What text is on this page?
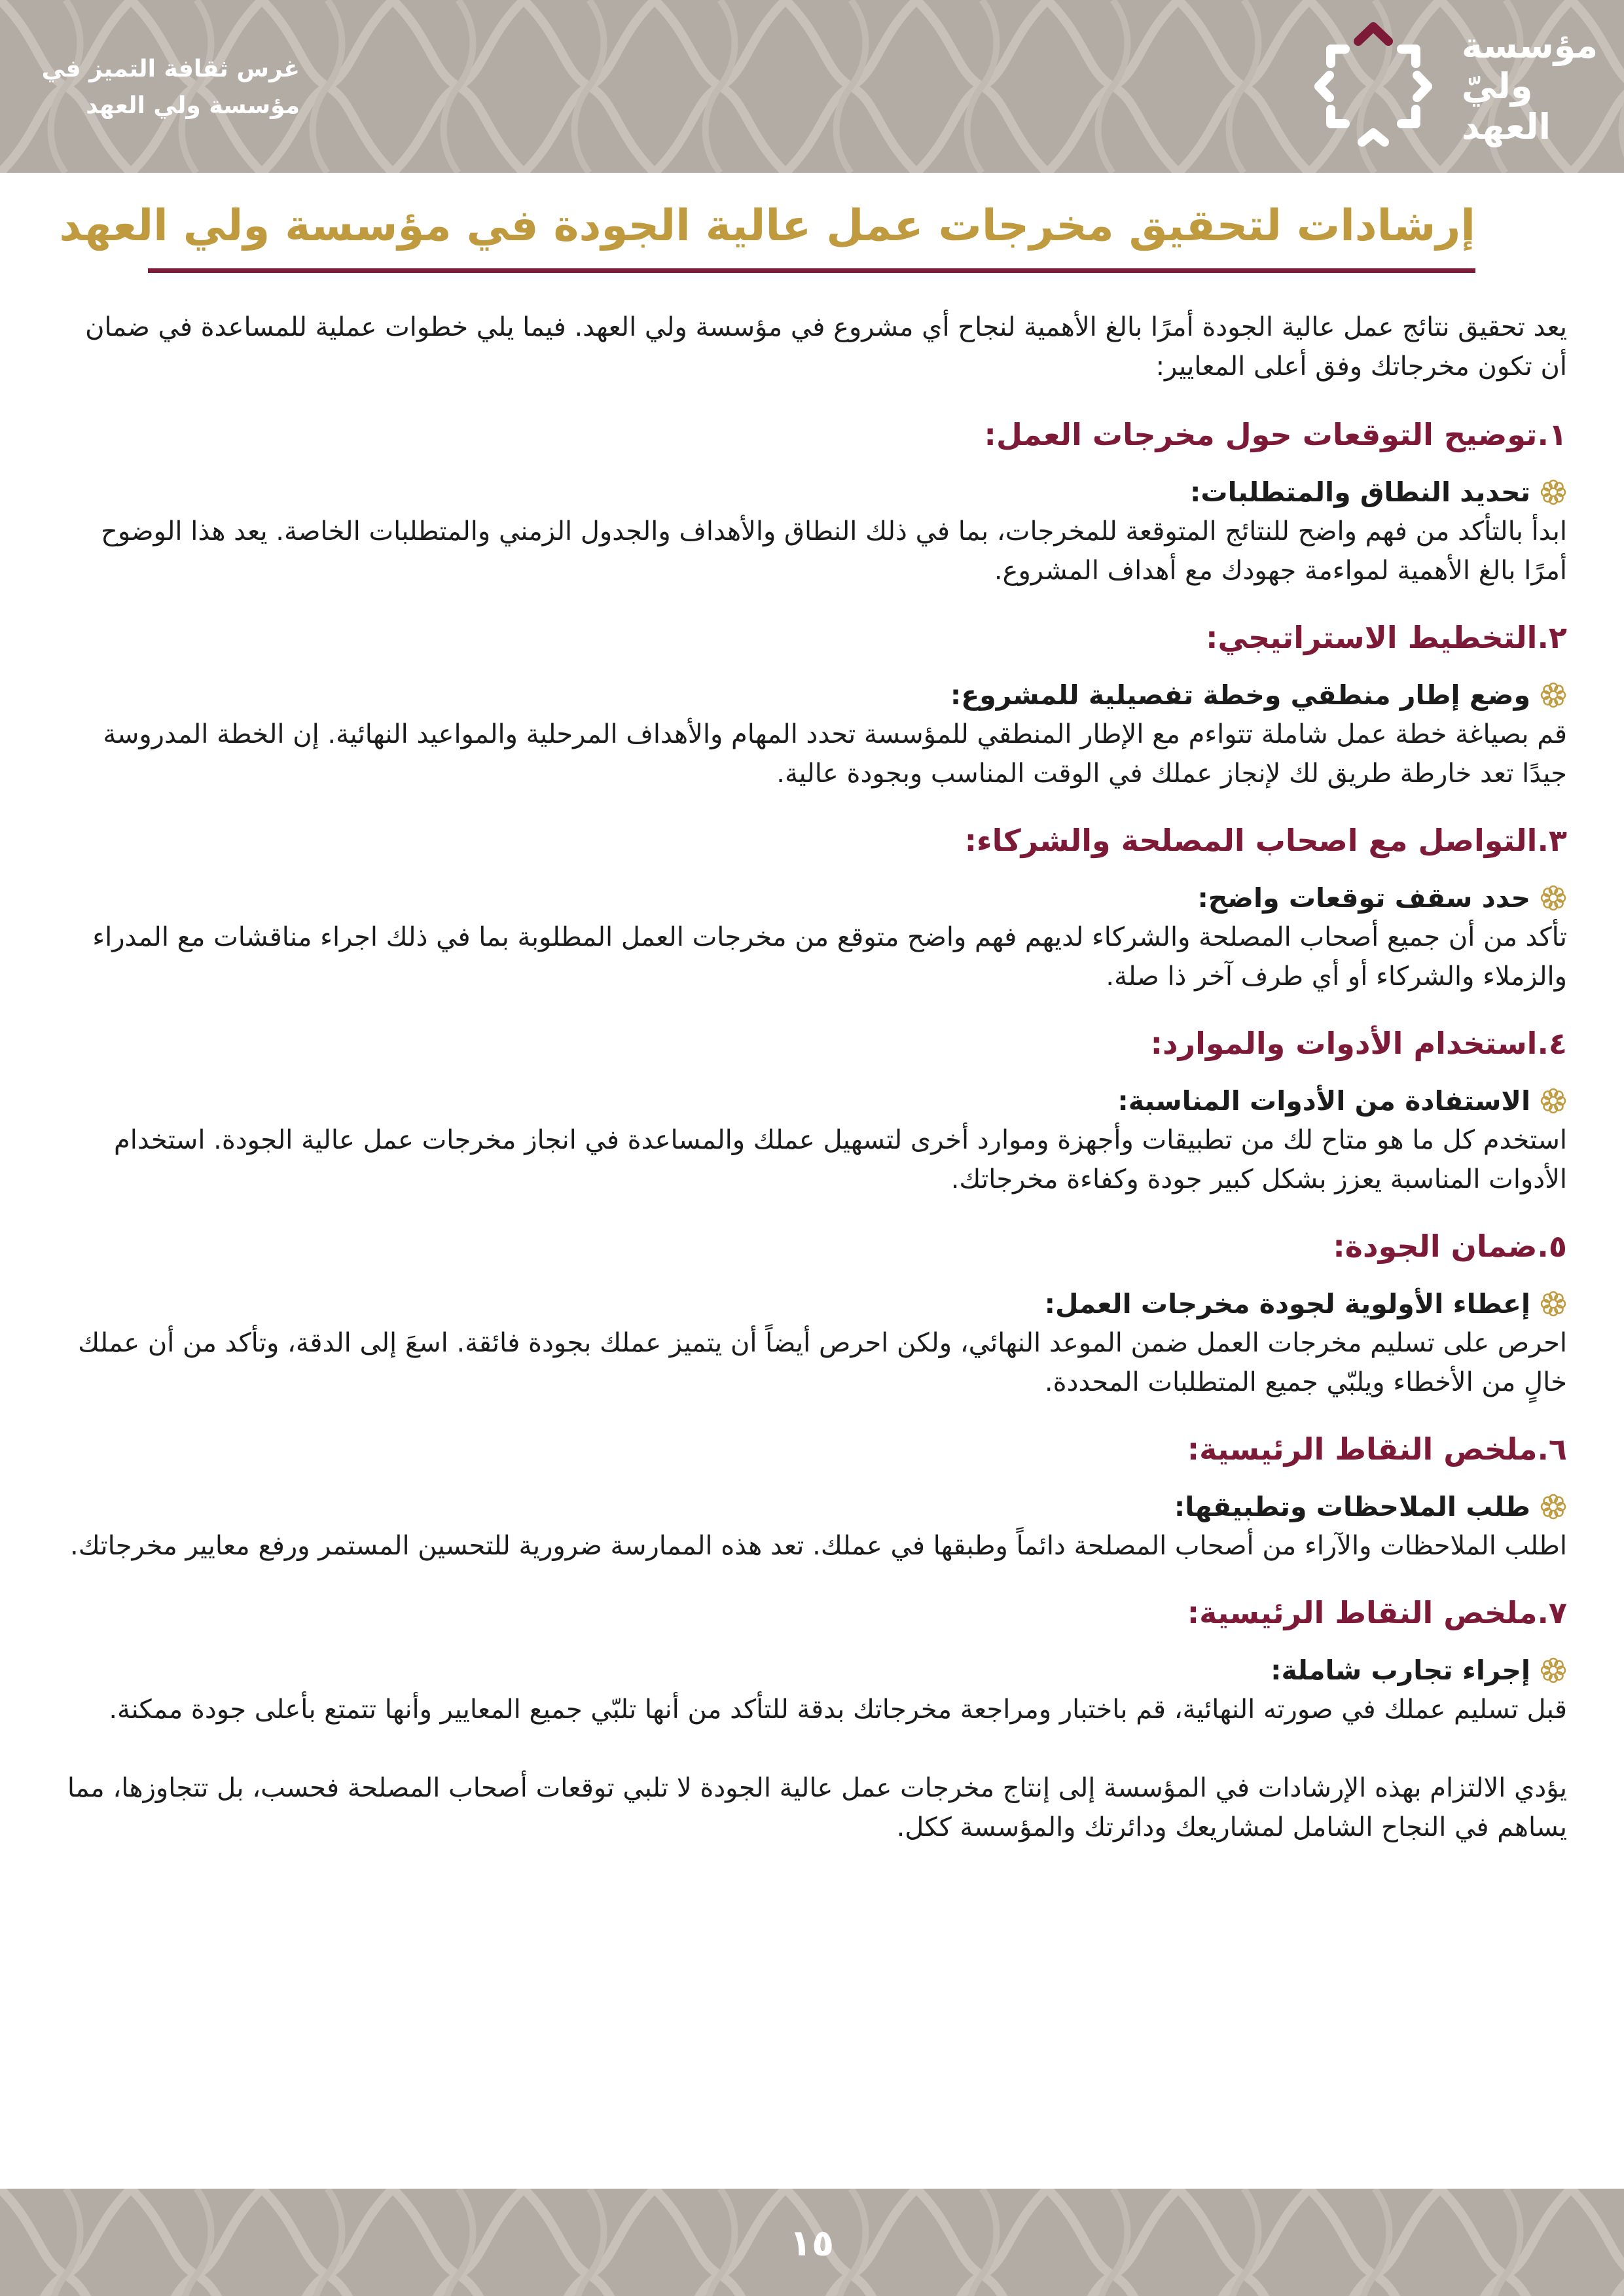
مؤسسة
وليّ
العهد
غرس ثقافة التميز في
مؤسسة ولي العهد
إرشادات لتحقيق مخرجات عمل عالية الجودة في مؤسسة ولي العهد

يعد تحقيق نتائج عمل عالية الجودة أمرًا بالغ الأهمية لنجاح أي مشروع في مؤسسة ولي العهد. فيما يلي خطوات عملية للمساعدة في ضمان أن تكون مخرجاتك وفق أعلى المعايير:

١.توضيح التوقعات حول مخرجات العمل:
تحديد النطاق والمتطلبات:

ابدأ بالتأكد من فهم واضح للنتائج المتوقعة للمخرجات، بما في ذلك النطاق والأهداف والجدول الزمني والمتطلبات الخاصة. يعد هذا الوضوح أمرًا بالغ الأهمية لمواءمة جهودك مع أهداف المشروع.

٢.التخطيط الاستراتيجي:
وضع إطار منطقي وخطة تفصيلية للمشروع:

قم بصياغة خطة عمل شاملة تتواءم مع الإطار المنطقي للمؤسسة تحدد المهام والأهداف المرحلية والمواعيد النهائية. إن الخطة المدروسة جيدًا تعد خارطة طريق لك لإنجاز عملك في الوقت المناسب وبجودة عالية.

٣.التواصل مع اصحاب المصلحة والشركاء:
حدد سقف توقعات واضح:

تأكد من أن جميع أصحاب المصلحة والشركاء لديهم فهم واضح متوقع من مخرجات العمل المطلوبة بما في ذلك اجراء مناقشات مع المدراء والزملاء والشركاء أو أي طرف آخر ذا صلة.

٤.استخدام الأدوات والموارد:
الاستفادة من الأدوات المناسبة:

استخدم كل ما هو متاح لك من تطبيقات وأجهزة وموارد أخرى لتسهيل عملك والمساعدة في انجاز مخرجات عمل عالية الجودة. استخدام الأدوات المناسبة يعزز بشكل كبير جودة وكفاءة مخرجاتك.

٥.ضمان الجودة:
إعطاء الأولوية لجودة مخرجات العمل:

احرص على تسليم مخرجات العمل ضمن الموعد النهائي، ولكن احرص أيضاً أن يتميز عملك بجودة فائقة. اسعَ إلى الدقة، وتأكد من أن عملك خالٍ من الأخطاء ويلبّي جميع المتطلبات المحددة.

٦.ملخص النقاط الرئيسية:
طلب الملاحظات وتطبيقها:

اطلب الملاحظات والآراء من أصحاب المصلحة دائماً وطبقها في عملك. تعد هذه الممارسة ضرورية للتحسين المستمر ورفع معايير مخرجاتك.

٧.ملخص النقاط الرئيسية:
إجراء تجارب شاملة:

قبل تسليم عملك في صورته النهائية، قم باختبار ومراجعة مخرجاتك بدقة للتأكد من أنها تلبّي جميع المعايير وأنها تتمتع بأعلى جودة ممكنة.

يؤدي الالتزام بهذه الإرشادات في المؤسسة إلى إنتاج مخرجات عمل عالية الجودة لا تلبي توقعات أصحاب المصلحة فحسب، بل تتجاوزها، مما يساهم في النجاح الشامل لمشاريعك ودائرتك والمؤسسة ككل.

١٥
